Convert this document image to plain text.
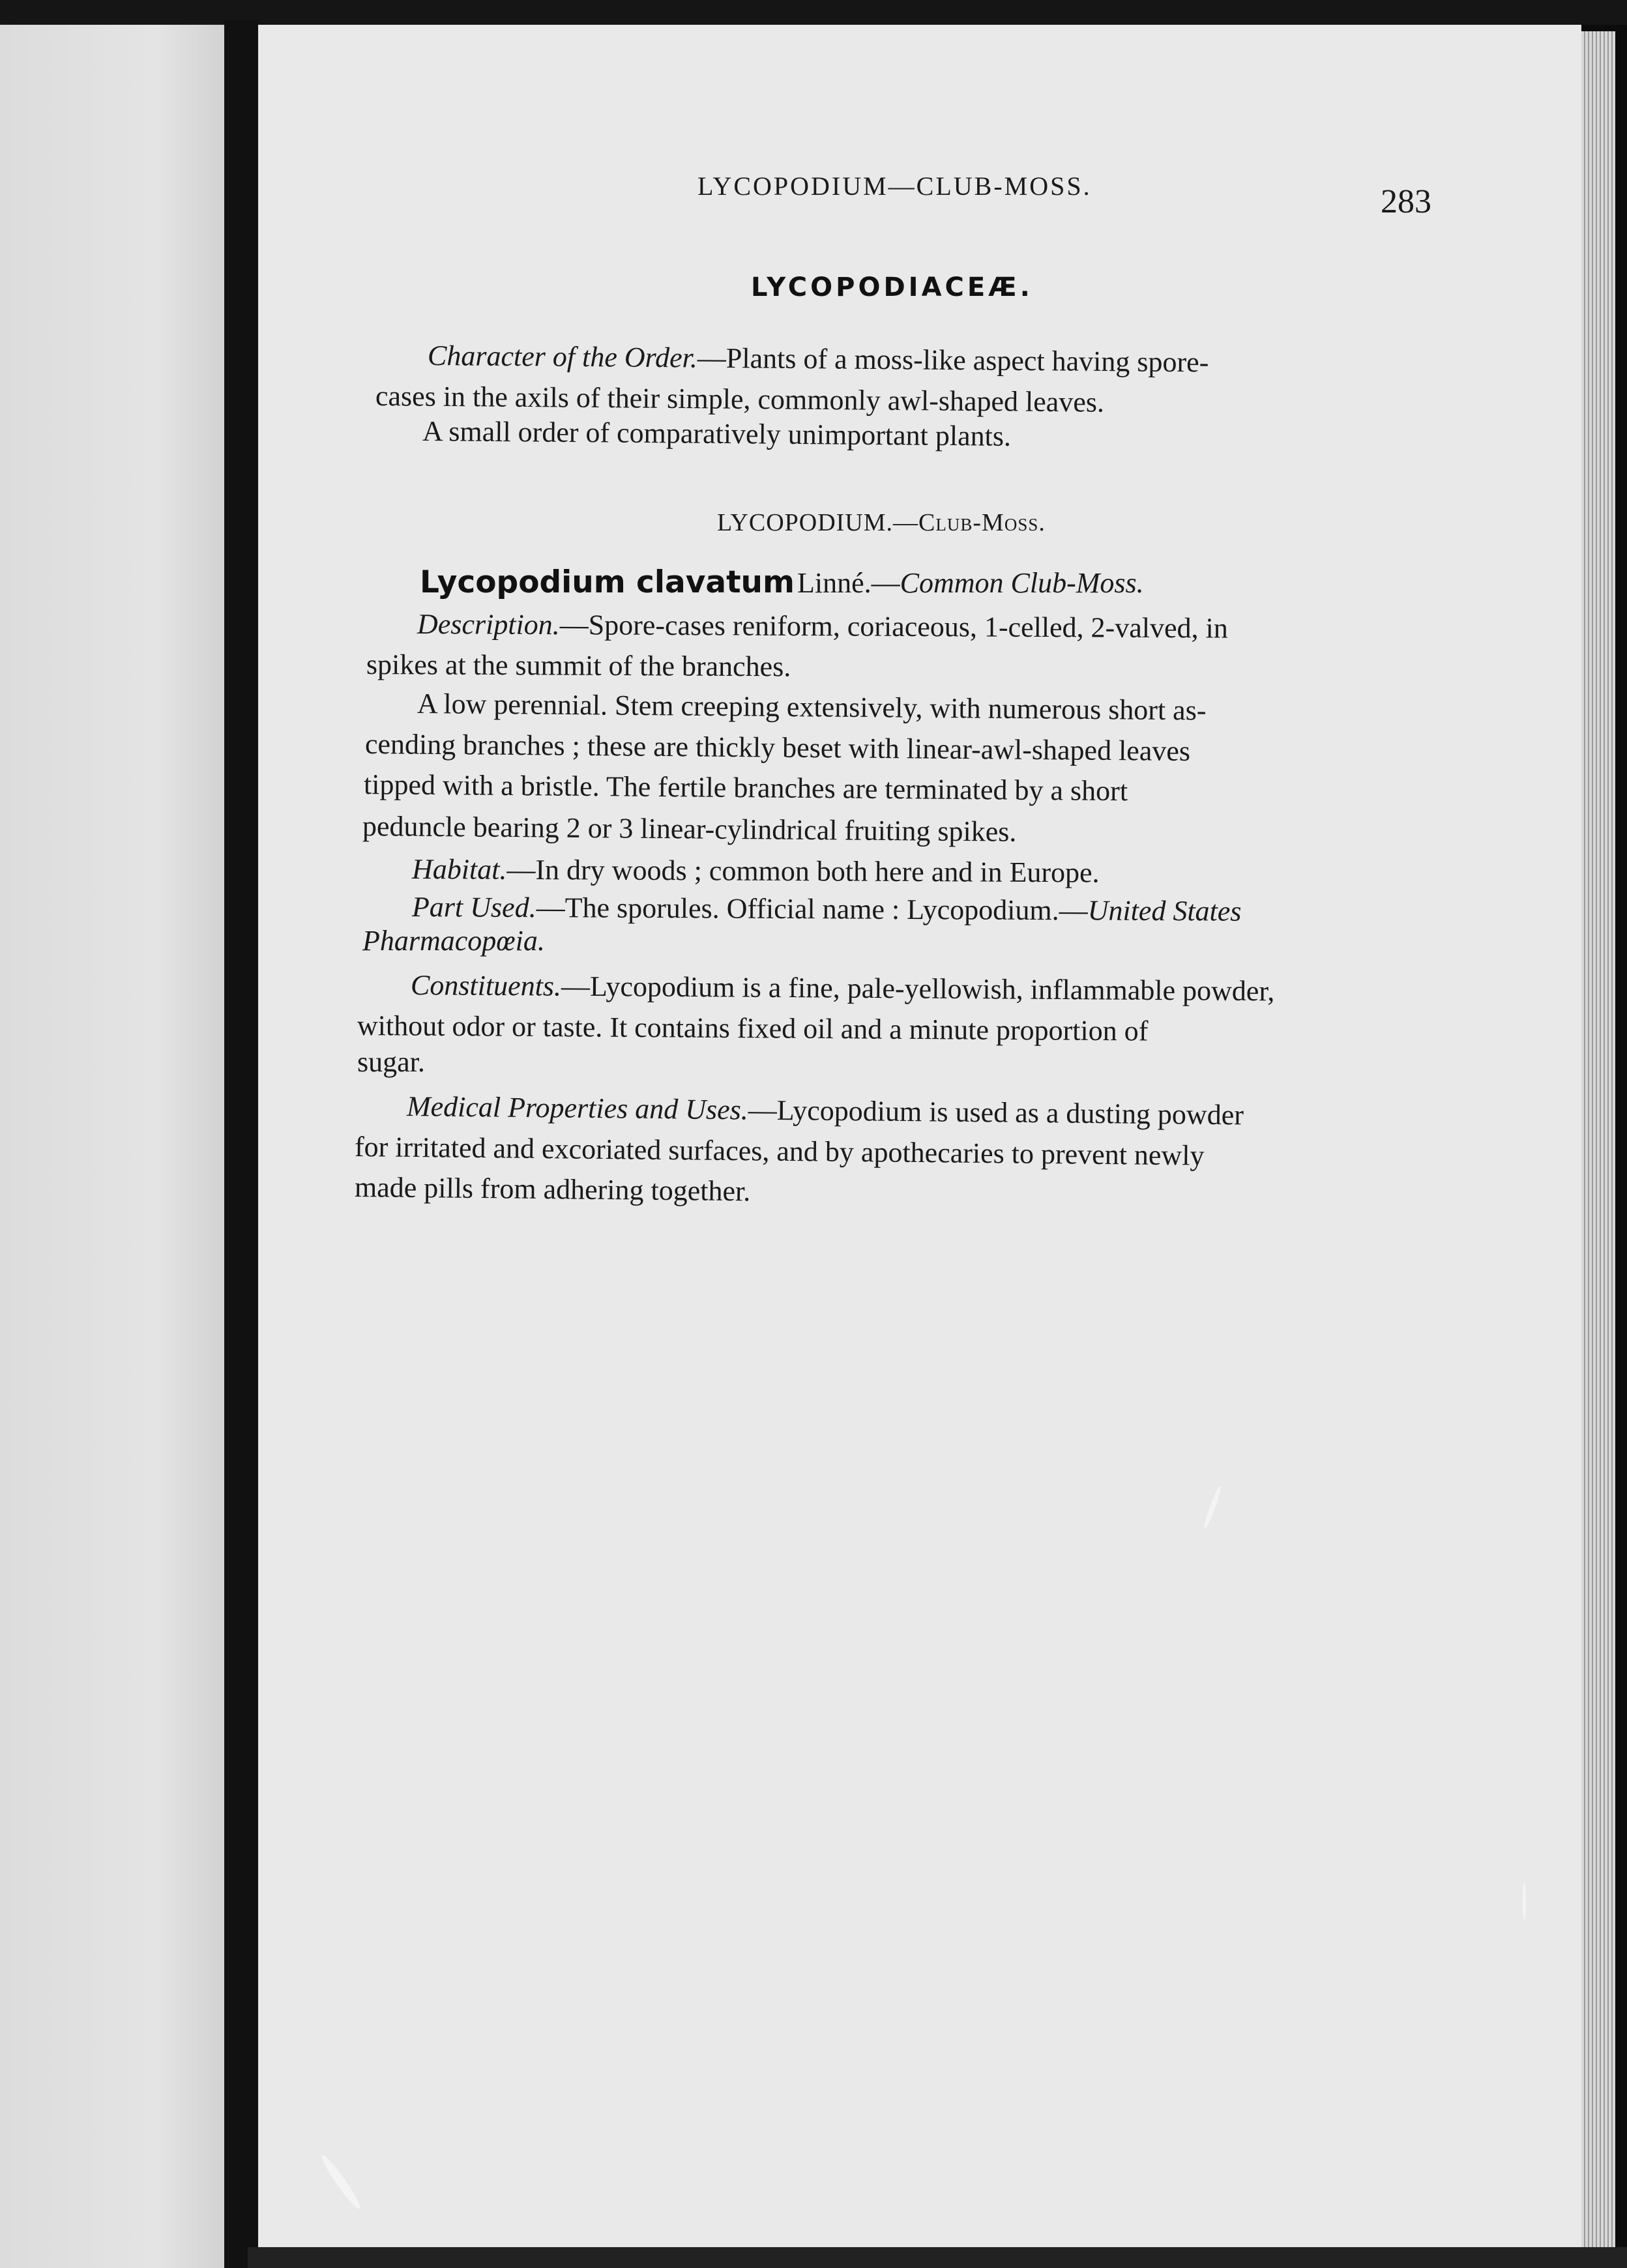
LYCOPODIUM—CLUB-MOSS.	283
LYCOPODIACEÆ.
Character of the Order.—Plants of a moss-like aspect having spore-
cases in the axils of their simple, commonly awl-shaped leaves.
A small order of comparatively unimportant plants.
LYCOPODIUM.—Club-Moss.
Lycopodium clavatum Linné.—Common Club-Moss.
Description.—Spore-cases reniform, coriaceous, 1-celled, 2-valved, in
spikes at the summit of the branches.
A low perennial. Stem creeping extensively, with numerous short as-
cending branches ; these are thickly beset with linear-awl-shaped leaves
tipped with a bristle. The fertile branches are terminated by a short
peduncle bearing 2 or 3 linear-cylindrical fruiting spikes.
Habitat.—In dry woods ; common both here and in Europe.
Part Used.—The sporules. Official name : Lycopodium.—United States
Pharmacopœia.
Constituents.—Lycopodium is a fine, pale-yellowish, inflammable powder,
without odor or taste. It contains fixed oil and a minute proportion of
sugar.
Medical Properties and Uses.—Lycopodium is used as a dusting powder
for irritated and excoriated surfaces, and by apothecaries to prevent newly
made pills from adhering together.
